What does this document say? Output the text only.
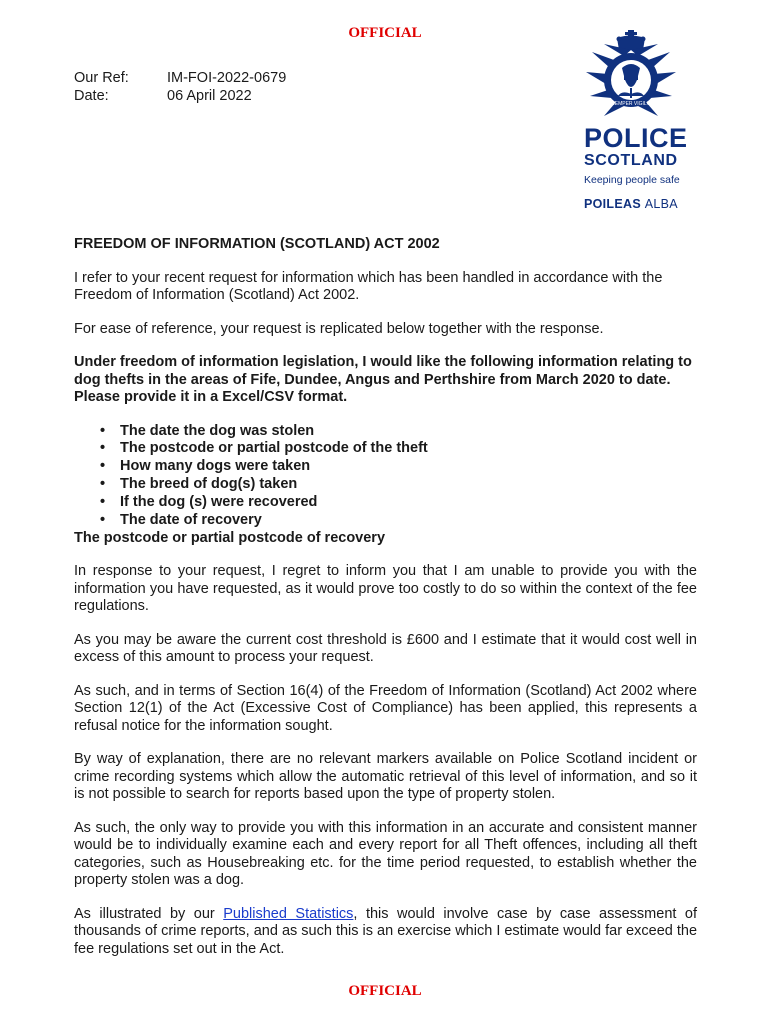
OFFICIAL
Our Ref:	IM-FOI-2022-0679
Date:	06 April 2022
SEMPER VIGILO
POLICE
SCOTLAND
Keeping people safe
POILEAS ALBA

FREEDOM OF INFORMATION (SCOTLAND) ACT 2002

I refer to your recent request for information which has been handled in accordance with the Freedom of Information (Scotland) Act 2002.

For ease of reference, your request is replicated below together with the response.

Under freedom of information legislation, I would like the following information relating to dog thefts in the areas of Fife, Dundee, Angus and Perthshire from March 2020 to date. Please provide it in a Excel/CSV format.

• The date the dog was stolen
• The postcode or partial postcode of the theft
• How many dogs were taken
• The breed of dog(s) taken
• If the dog (s) were recovered
• The date of recovery

The postcode or partial postcode of recovery

In response to your request, I regret to inform you that I am unable to provide you with the information you have requested, as it would prove too costly to do so within the context of the fee regulations.

As you may be aware the current cost threshold is £600 and I estimate that it would cost well in excess of this amount to process your request.

As such, and in terms of Section 16(4) of the Freedom of Information (Scotland) Act 2002 where Section 12(1) of the Act (Excessive Cost of Compliance) has been applied, this represents a refusal notice for the information sought.

By way of explanation, there are no relevant markers available on Police Scotland incident or crime recording systems which allow the automatic retrieval of this level of information, and so it is not possible to search for reports based upon the type of property stolen.

As such, the only way to provide you with this information in an accurate and consistent manner would be to individually examine each and every report for all Theft offences, including all theft categories, such as Housebreaking etc. for the time period requested, to establish whether the property stolen was a dog.

As illustrated by our Published Statistics, this would involve case by case assessment of thousands of crime reports, and as such this is an exercise which I estimate would far exceed the fee regulations set out in the Act.

OFFICIAL
